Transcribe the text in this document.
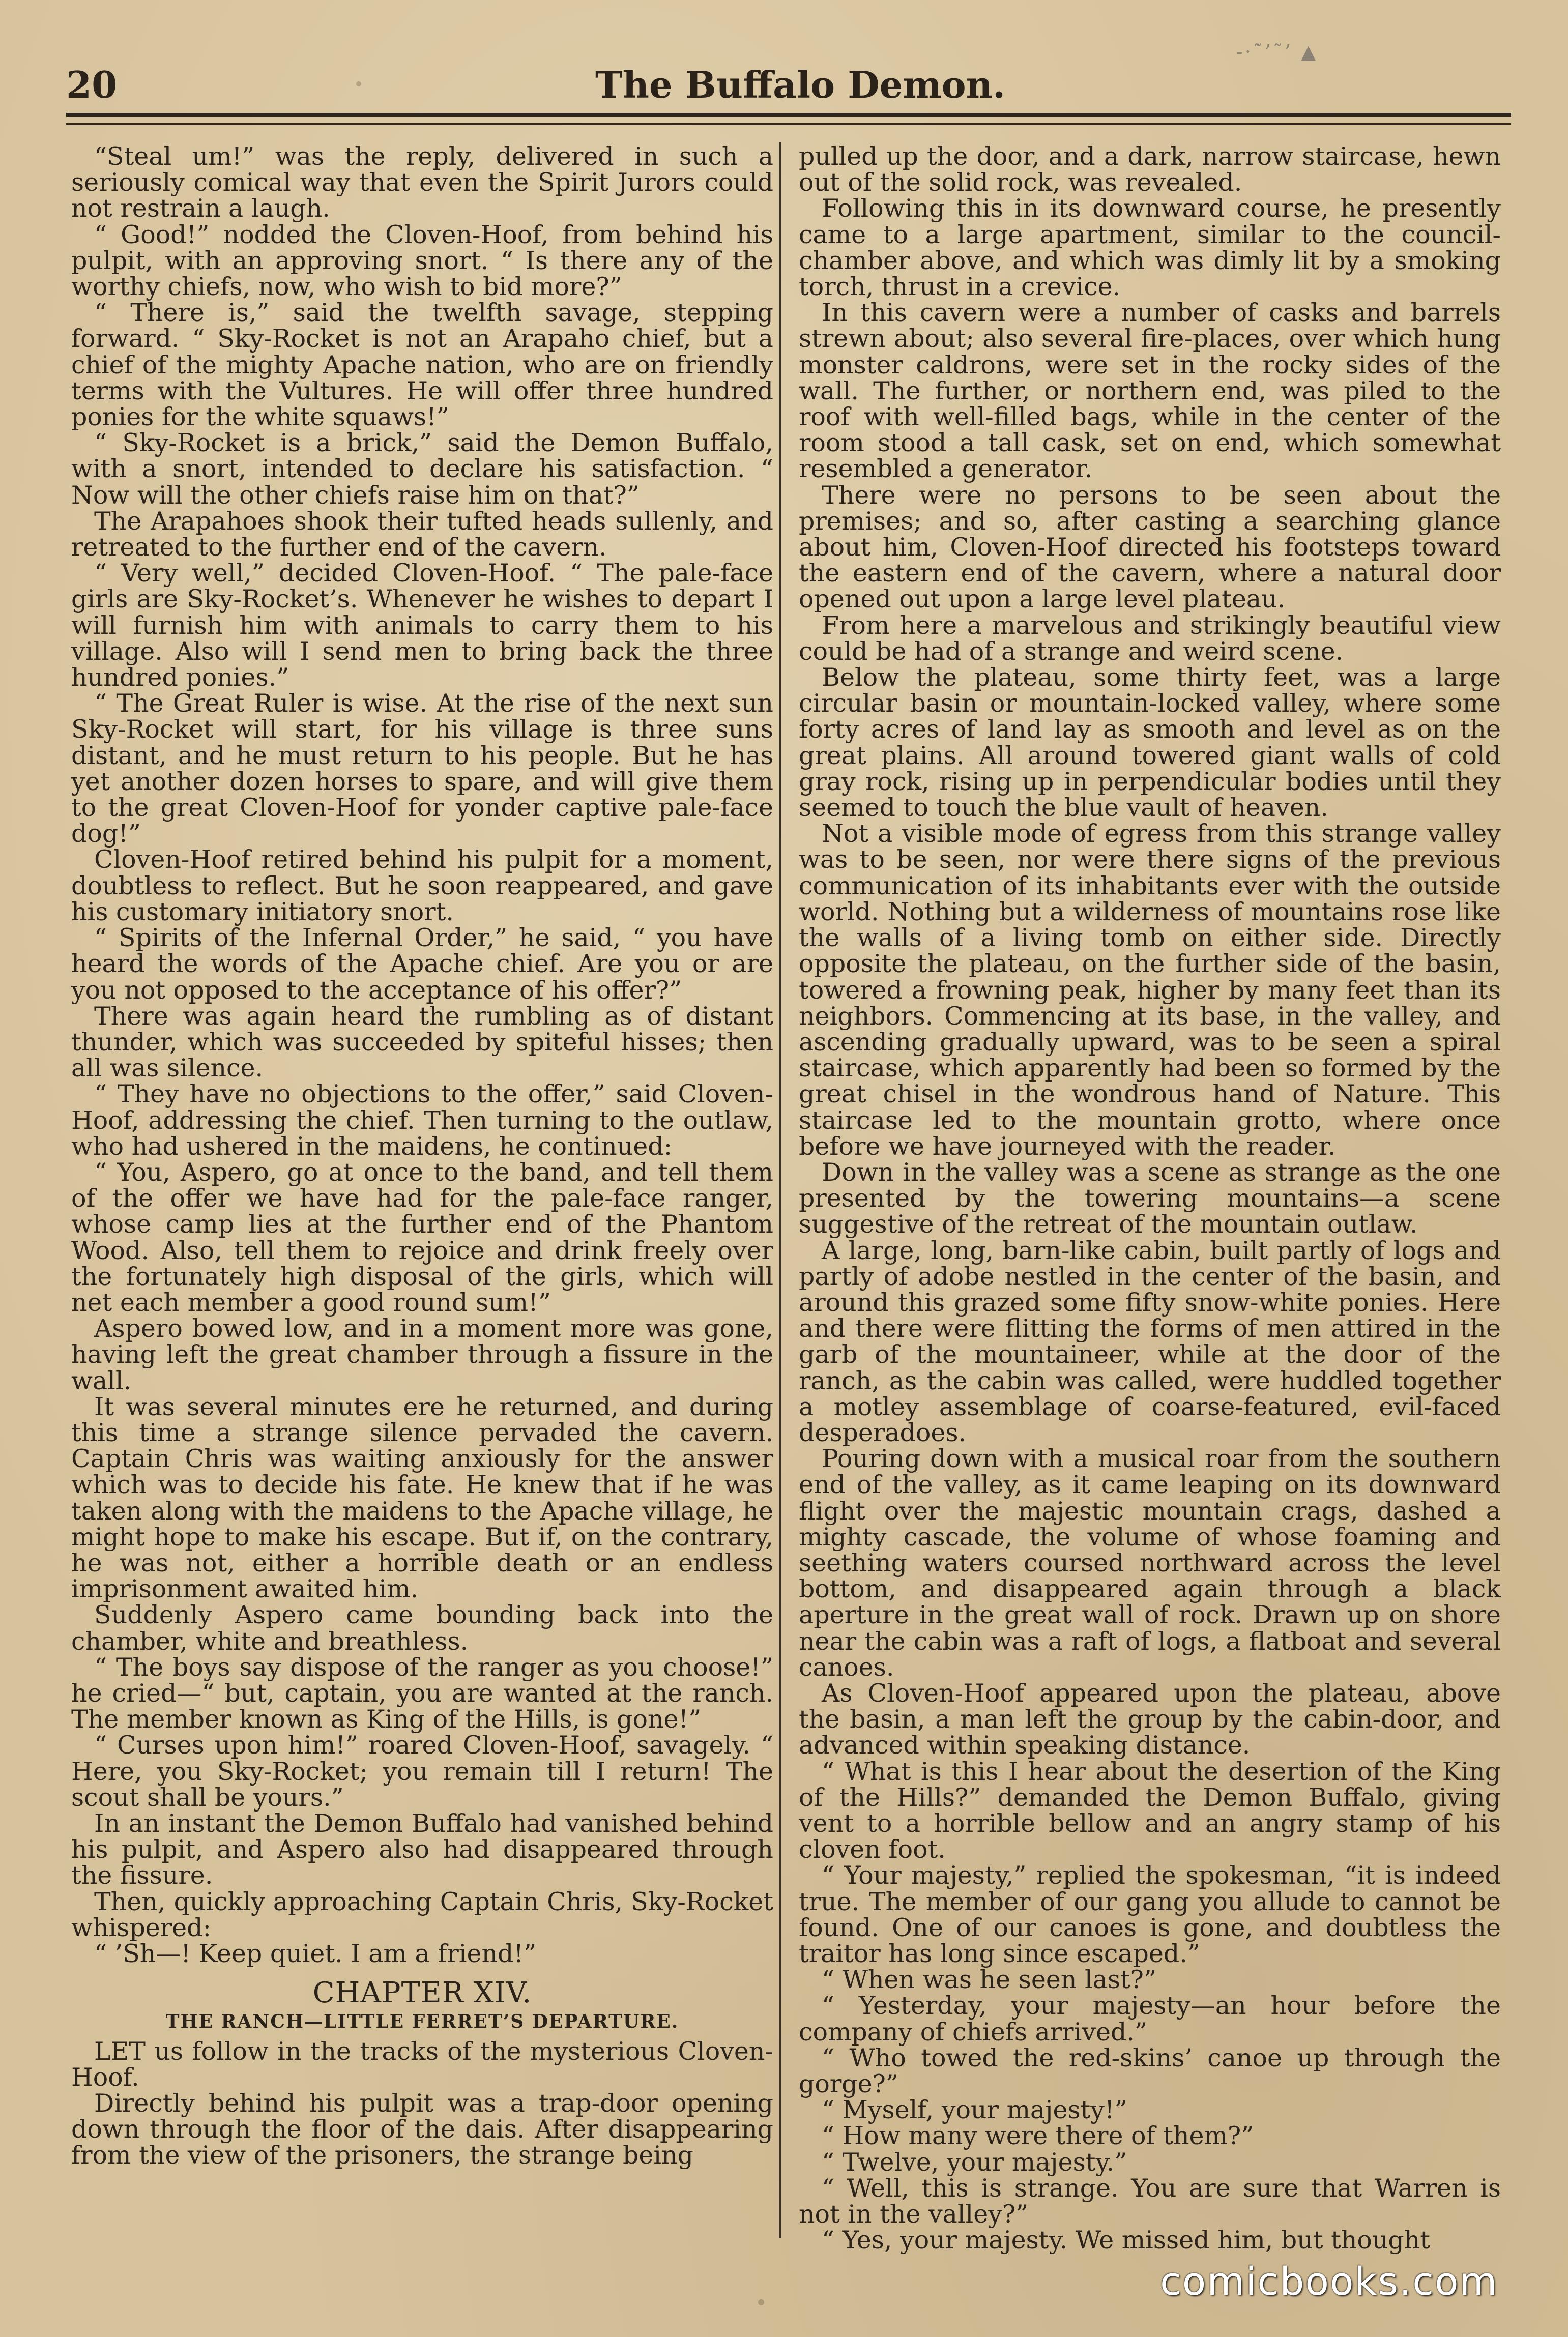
20	The Buffalo Demon.
-·˙̃’˜’ ▲

“Steal um!” was the reply, delivered in such a seriously comical way that even the Spirit Jurors could not restrain a laugh.

“ Good!” nodded the Cloven-Hoof, from behind his pulpit, with an approving snort. “ Is there any of the worthy chiefs, now, who wish to bid more?”

“ There is,” said the twelfth savage, stepping forward. “ Sky-Rocket is not an Arapaho chief, but a chief of the mighty Apache nation, who are on friendly terms with the Vultures. He will offer three hundred ponies for the white squaws!”

“ Sky-Rocket is a brick,” said the Demon Buffalo, with a snort, intended to declare his satisfaction. “ Now will the other chiefs raise him on that?”

The Arapahoes shook their tufted heads sullenly, and retreated to the further end of the cavern.

“ Very well,” decided Cloven-Hoof. “ The pale-face girls are Sky-Rocket’s. Whenever he wishes to depart I will furnish him with animals to carry them to his village. Also will I send men to bring back the three hundred ponies.”

“ The Great Ruler is wise. At the rise of the next sun Sky-Rocket will start, for his village is three suns distant, and he must return to his people. But he has yet another dozen horses to spare, and will give them to the great Cloven-Hoof for yonder captive pale-face dog!”

Cloven-Hoof retired behind his pulpit for a moment, doubtless to reflect. But he soon reappeared, and gave his customary initiatory snort.

“ Spirits of the Infernal Order,” he said, “ you have heard the words of the Apache chief. Are you or are you not opposed to the acceptance of his offer?”

There was again heard the rumbling as of distant thunder, which was succeeded by spiteful hisses; then all was silence.

“ They have no objections to the offer,” said Cloven-Hoof, addressing the chief. Then turning to the outlaw, who had ushered in the maidens, he continued:

“ You, Aspero, go at once to the band, and tell them of the offer we have had for the pale-face ranger, whose camp lies at the further end of the Phantom Wood. Also, tell them to rejoice and drink freely over the fortunately high disposal of the girls, which will net each member a good round sum!”

Aspero bowed low, and in a moment more was gone, having left the great chamber through a fissure in the wall.

It was several minutes ere he returned, and during this time a strange silence pervaded the cavern. Captain Chris was waiting anxiously for the answer which was to decide his fate. He knew that if he was taken along with the maidens to the Apache village, he might hope to make his escape. But if, on the contrary, he was not, either a horrible death or an endless imprisonment awaited him.

Suddenly Aspero came bounding back into the chamber, white and breathless.

“ The boys say dispose of the ranger as you choose!” he cried—“ but, captain, you are wanted at the ranch. The member known as King of the Hills, is gone!”

“ Curses upon him!” roared Cloven-Hoof, savagely. “ Here, you Sky-Rocket; you remain till I return! The scout shall be yours.”

In an instant the Demon Buffalo had vanished behind his pulpit, and Aspero also had disappeared through the fissure.

Then, quickly approaching Captain Chris, Sky-Rocket whispered:

“ ’Sh—! Keep quiet. I am a friend!”

CHAPTER XIV.
THE RANCH—LITTLE FERRET’S DEPARTURE.

LET us follow in the tracks of the mysterious Cloven-Hoof.

Directly behind his pulpit was a trap-door opening down through the floor of the dais. After disappearing from the view of the prisoners, the strange being

pulled up the door, and a dark, narrow staircase, hewn out of the solid rock, was revealed.

Following this in its downward course, he presently came to a large apartment, similar to the council-chamber above, and which was dimly lit by a smoking torch, thrust in a crevice.

In this cavern were a number of casks and barrels strewn about; also several fire-places, over which hung monster caldrons, were set in the rocky sides of the wall. The further, or northern end, was piled to the roof with well-filled bags, while in the center of the room stood a tall cask, set on end, which somewhat resembled a generator.

There were no persons to be seen about the premises; and so, after casting a searching glance about him, Cloven-Hoof directed his footsteps toward the eastern end of the cavern, where a natural door opened out upon a large level plateau.

From here a marvelous and strikingly beautiful view could be had of a strange and weird scene.

Below the plateau, some thirty feet, was a large circular basin or mountain-locked valley, where some forty acres of land lay as smooth and level as on the great plains. All around towered giant walls of cold gray rock, rising up in perpendicular bodies until they seemed to touch the blue vault of heaven.

Not a visible mode of egress from this strange valley was to be seen, nor were there signs of the previous communication of its inhabitants ever with the outside world. Nothing but a wilderness of mountains rose like the walls of a living tomb on either side. Directly opposite the plateau, on the further side of the basin, towered a frowning peak, higher by many feet than its neighbors. Commencing at its base, in the valley, and ascending gradually upward, was to be seen a spiral staircase, which apparently had been so formed by the great chisel in the wondrous hand of Nature. This staircase led to the mountain grotto, where once before we have journeyed with the reader.

Down in the valley was a scene as strange as the one presented by the towering mountains—a scene suggestive of the retreat of the mountain outlaw.

A large, long, barn-like cabin, built partly of logs and partly of adobe nestled in the center of the basin, and around this grazed some fifty snow-white ponies. Here and there were flitting the forms of men attired in the garb of the mountaineer, while at the door of the ranch, as the cabin was called, were huddled together a motley assemblage of coarse-featured, evil-faced desperadoes.

Pouring down with a musical roar from the southern end of the valley, as it came leaping on its downward flight over the majestic mountain crags, dashed a mighty cascade, the volume of whose foaming and seething waters coursed northward across the level bottom, and disappeared again through a black aperture in the great wall of rock. Drawn up on shore near the cabin was a raft of logs, a flatboat and several canoes.

As Cloven-Hoof appeared upon the plateau, above the basin, a man left the group by the cabin-door, and advanced within speaking distance.

“ What is this I hear about the desertion of the King of the Hills?” demanded the Demon Buffalo, giving vent to a horrible bellow and an angry stamp of his cloven foot.

“ Your majesty,” replied the spokesman, “it is indeed true. The member of our gang you allude to cannot be found. One of our canoes is gone, and doubtless the traitor has long since escaped.”

“ When was he seen last?”

“ Yesterday, your majesty—an hour before the company of chiefs arrived.”

“ Who towed the red-skins’ canoe up through the gorge?”

“ Myself, your majesty!”

“ How many were there of them?”

“ Twelve, your majesty.”

“ Well, this is strange. You are sure that Warren is not in the valley?”

“ Yes, your majesty. We missed him, but thought

comicbooks.com
